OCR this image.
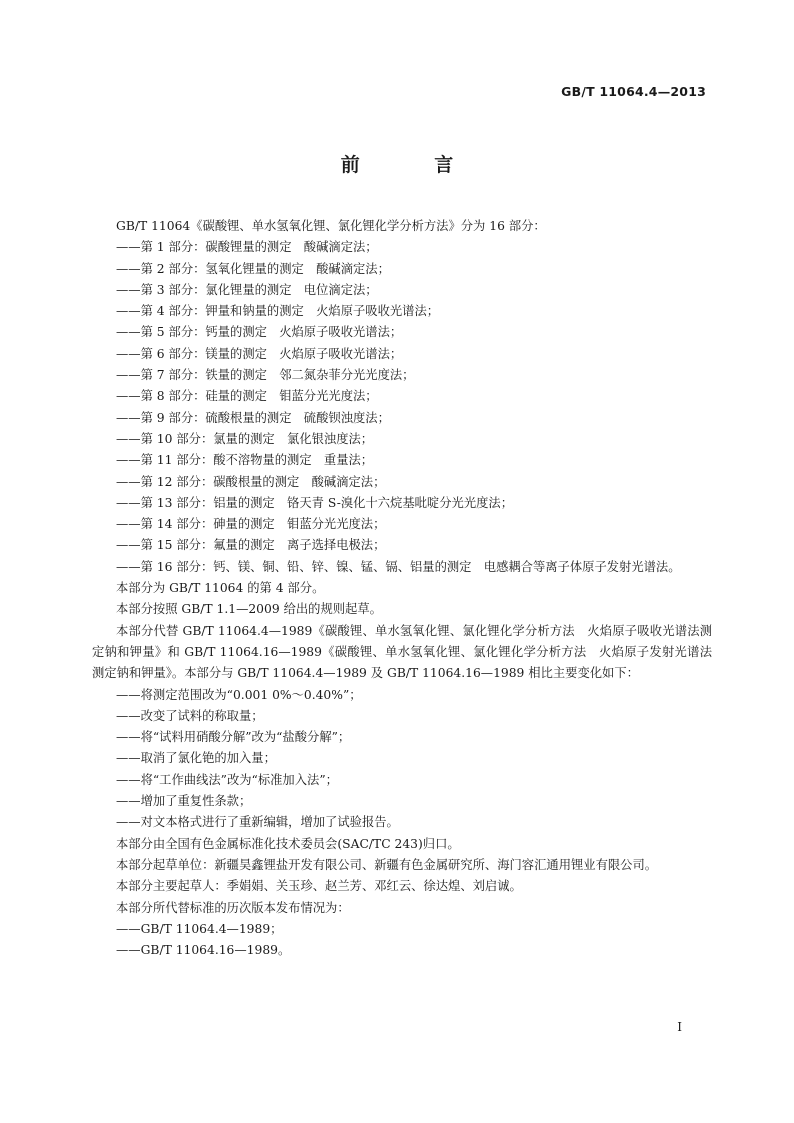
GB/T 11064.4—2013
前 言

GB/T 11064《碳酸锂、单水氢氧化锂、氯化锂化学分析方法》分为 16 部分：

——第 1 部分：碳酸锂量的测定　酸碱滴定法；

——第 2 部分：氢氧化锂量的测定　酸碱滴定法；

——第 3 部分：氯化锂量的测定　电位滴定法；

——第 4 部分：钾量和钠量的测定　火焰原子吸收光谱法；

——第 5 部分：钙量的测定　火焰原子吸收光谱法；

——第 6 部分：镁量的测定　火焰原子吸收光谱法；

——第 7 部分：铁量的测定　邻二氮杂菲分光光度法；

——第 8 部分：硅量的测定　钼蓝分光光度法；

——第 9 部分：硫酸根量的测定　硫酸钡浊度法；

——第 10 部分：氯量的测定　氯化银浊度法；

——第 11 部分：酸不溶物量的测定　重量法；

——第 12 部分：碳酸根量的测定　酸碱滴定法；

——第 13 部分：铝量的测定　铬天青 S-溴化十六烷基吡啶分光光度法；

——第 14 部分：砷量的测定　钼蓝分光光度法；

——第 15 部分：氟量的测定　离子选择电极法；

——第 16 部分：钙、镁、铜、铅、锌、镍、锰、镉、铝量的测定　电感耦合等离子体原子发射光谱法。

本部分为 GB/T 11064 的第 4 部分。

本部分按照 GB/T 1.1—2009 给出的规则起草。

本部分代替 GB/T 11064.4—1989《碳酸锂、单水氢氧化锂、氯化锂化学分析方法　火焰原子吸收光谱法测定钠和钾量》和 GB/T 11064.16—1989《碳酸锂、单水氢氧化锂、氯化锂化学分析方法　火焰原子发射光谱法测定钠和钾量》。本部分与 GB/T 11064.4—1989 及 GB/T 11064.16—1989 相比主要变化如下：

——将测定范围改为“0.001 0%～0.40%”；

——改变了试料的称取量；

——将“试料用硝酸分解”改为“盐酸分解”；

——取消了氯化铯的加入量；

——将“工作曲线法”改为“标准加入法”；

——增加了重复性条款；

——对文本格式进行了重新编辑，增加了试验报告。

本部分由全国有色金属标准化技术委员会(SAC/TC 243)归口。

本部分起草单位：新疆昊鑫锂盐开发有限公司、新疆有色金属研究所、海门容汇通用锂业有限公司。

本部分主要起草人：季娟娟、关玉珍、赵兰芳、邓红云、徐达煌、刘启诚。

本部分所代替标准的历次版本发布情况为：

——GB/T 11064.4—1989；

——GB/T 11064.16—1989。

I
